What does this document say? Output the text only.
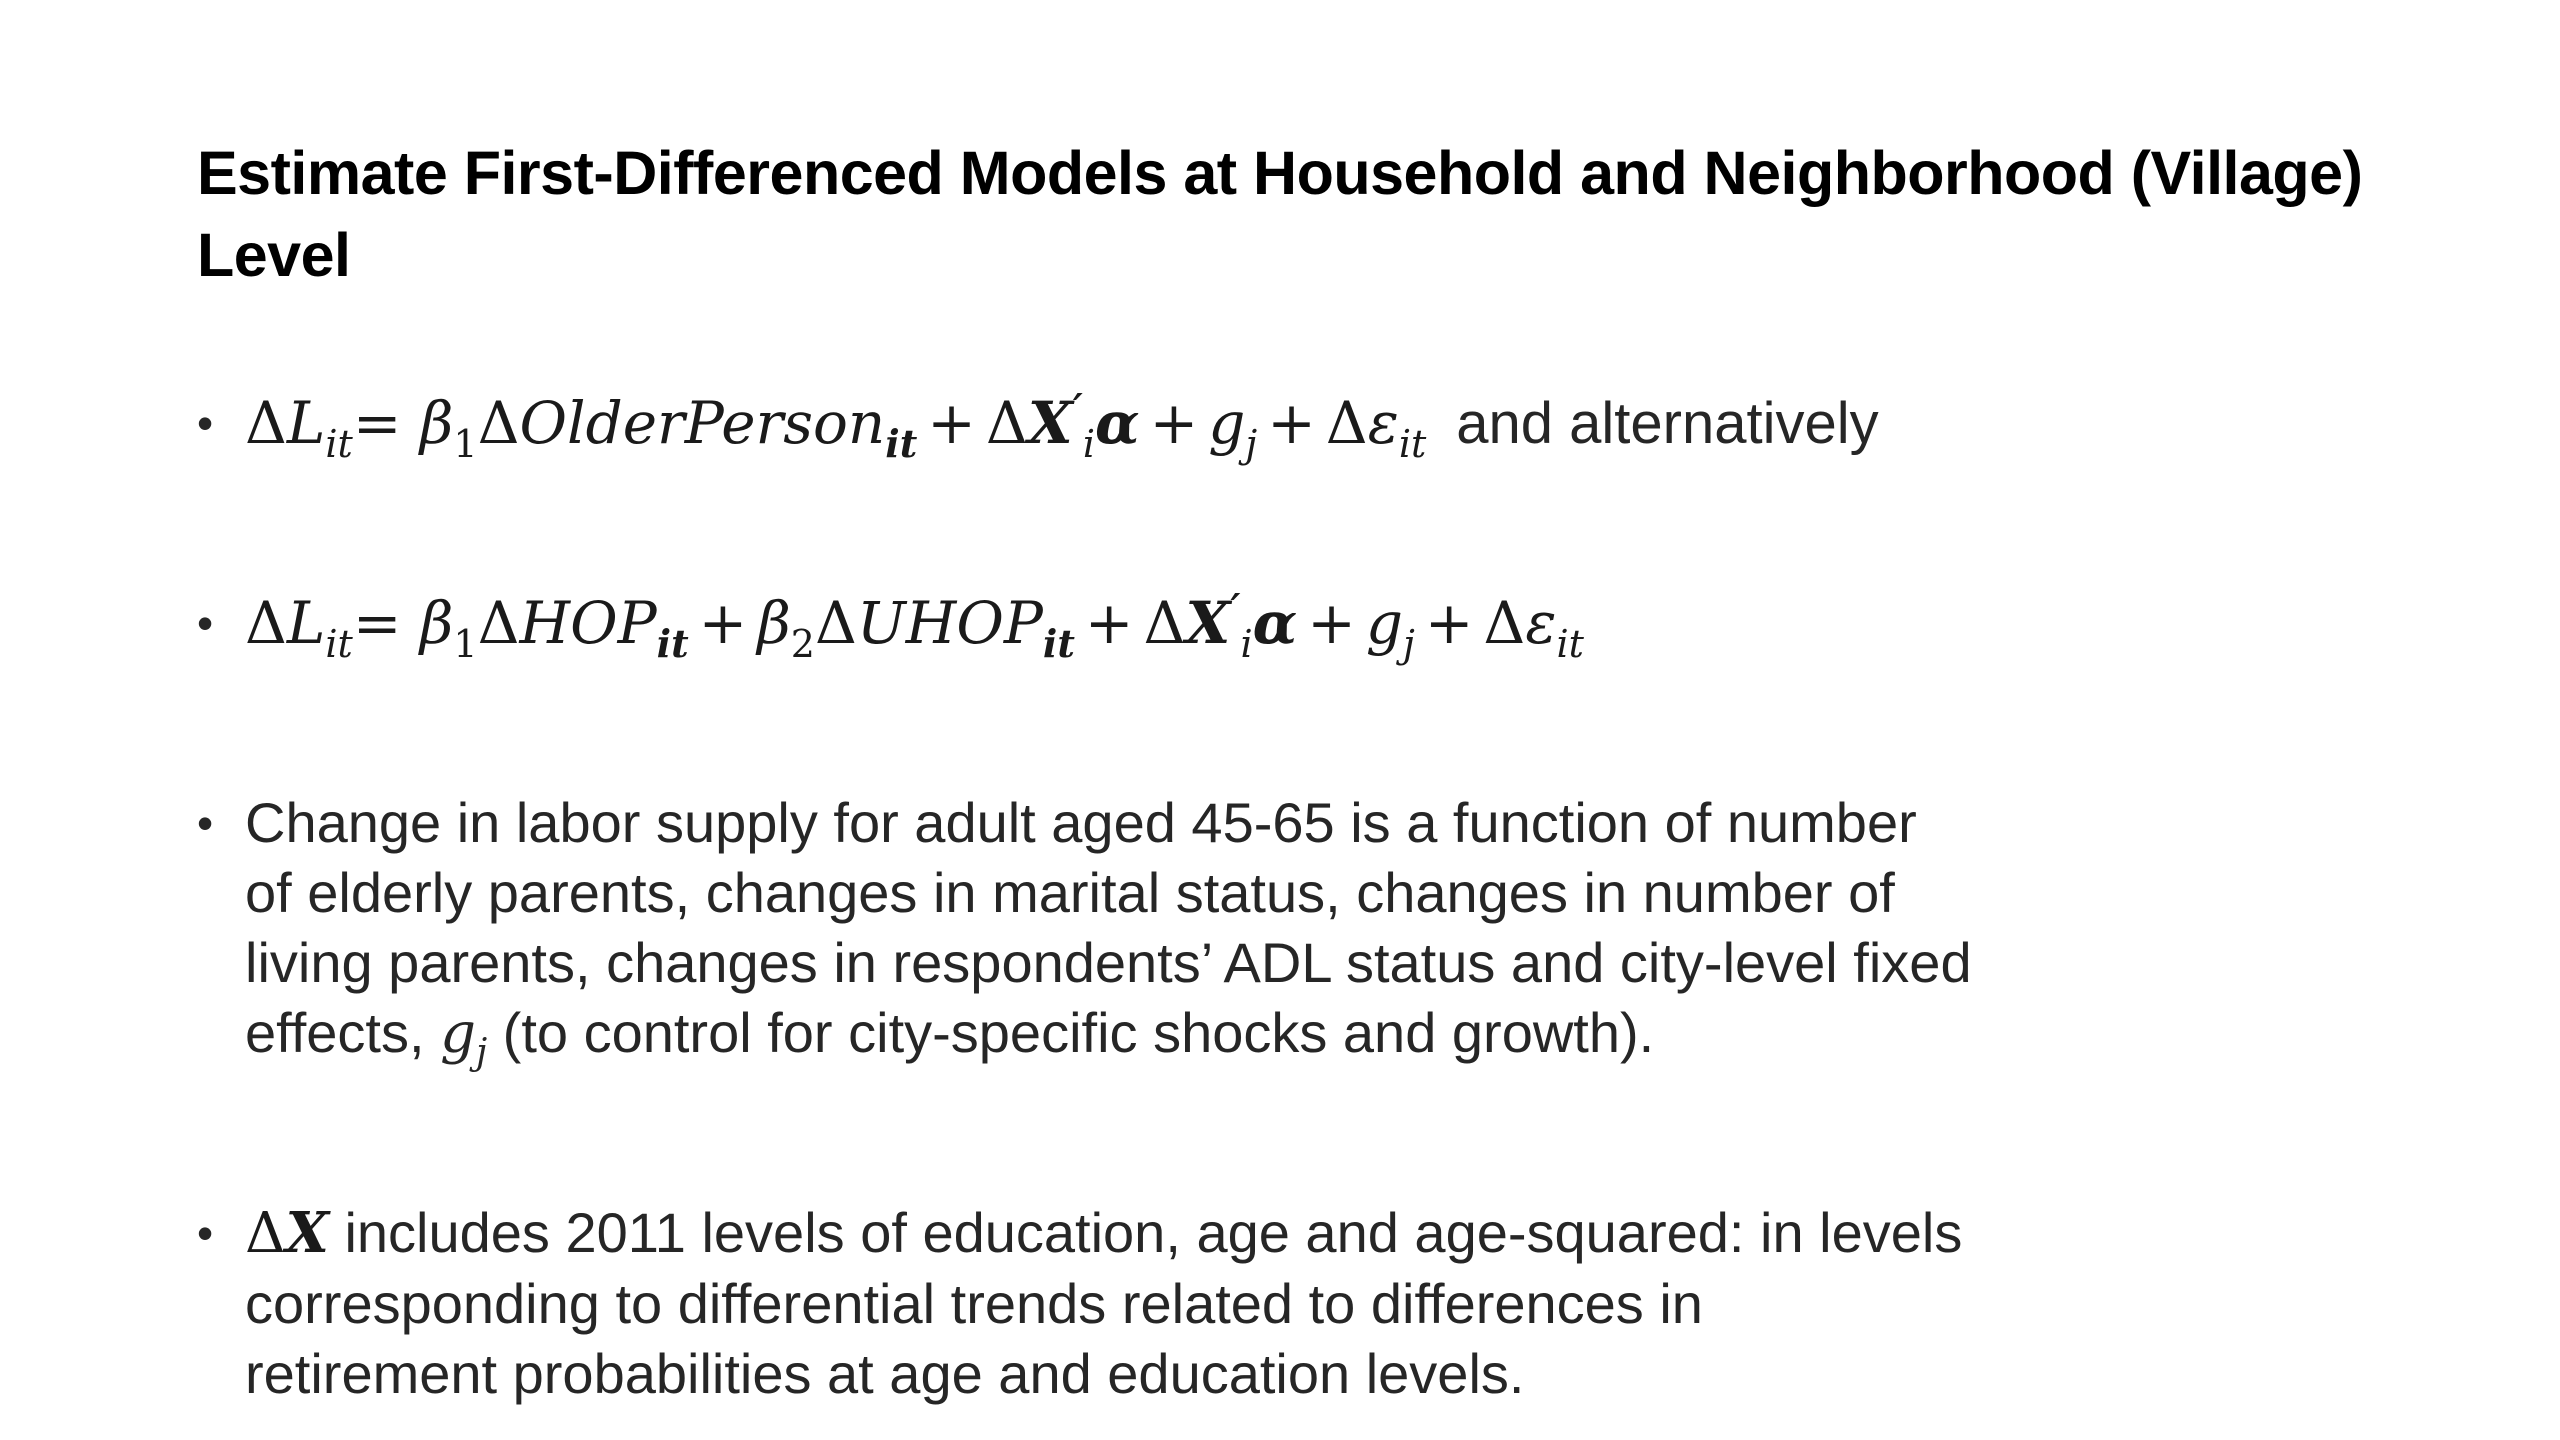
Estimate First-Differenced Models at Household and Neighborhood (Village) Level
• $\Delta L_{it}=$ $\beta_1\Delta OlderPerson_{it} + \Delta X'_i\alpha + g_j + \Delta\varepsilon_{it}$ and alternatively
• $\Delta L_{it}= \beta_1\Delta HOP_{it}$ + $\beta_2\Delta UHOP_{it} + \Delta X'_i\alpha + g_j + \Delta\varepsilon_{it}$
• Change in labor supply for adult aged 45-65 is a function of number
of elderly parents, changes in marital status, changes in number of
living parents, changes in respondents’ ADL status and city-level fixed
effects, $g_j$ (to control for city-specific shocks and growth).
• ΔX includes 2011 levels of education, age and age-squared: in levels
corresponding to differential trends related to differences in
retirement probabilities at age and education levels.
